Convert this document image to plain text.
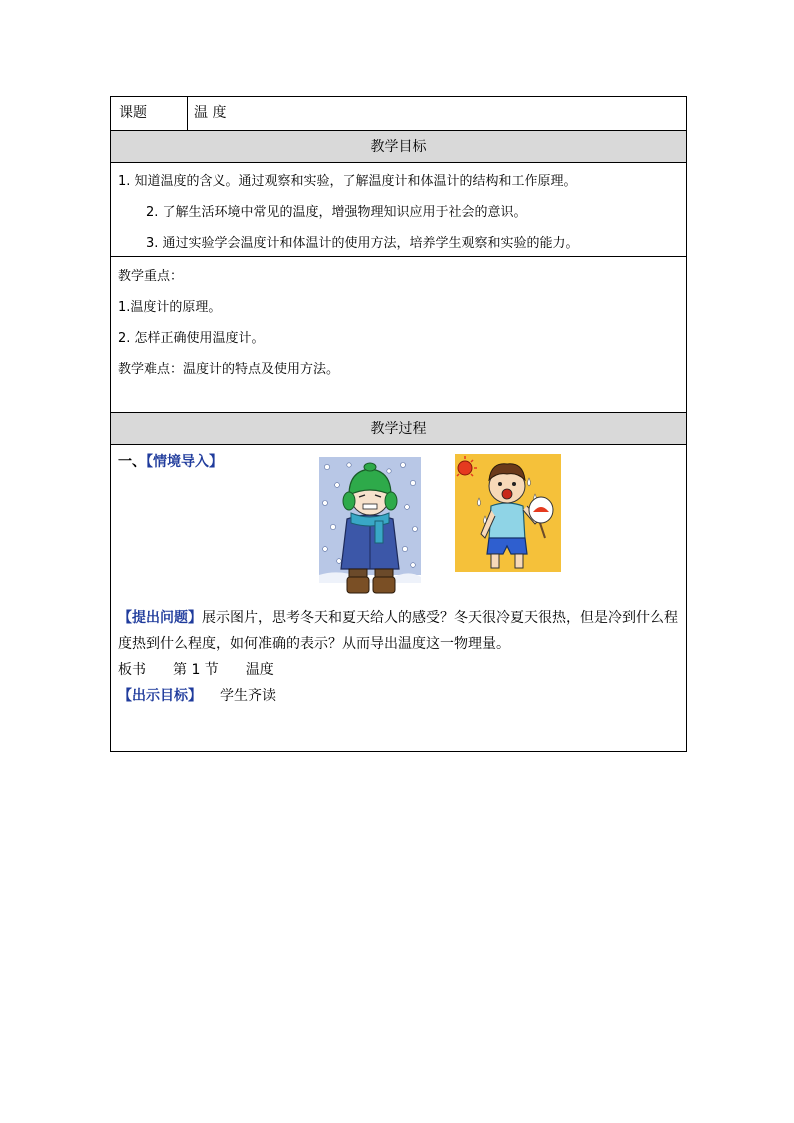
课题	温 度
教学目标
1. 知道温度的含义。通过观察和实验，了解温度计和体温计的结构和工作原理。
2. 了解生活环境中常见的温度，增强物理知识应用于社会的意识。
3. 通过实验学会温度计和体温计的使用方法，培养学生观察和实验的能力。
教学重点：
1.温度计的原理。
2. 怎样正确使用温度计。
教学难点：温度计的特点及使用方法。
教学过程
一、【情境导入】
【提出问题】展示图片，思考冬天和夏天给人的感受？冬天很冷夏天很热，但是冷到什么程
度热到什么程度，如何准确的表示？从而导出温度这一物理量。
板书 第 1 节 温度
【出示目标】 学生齐读
